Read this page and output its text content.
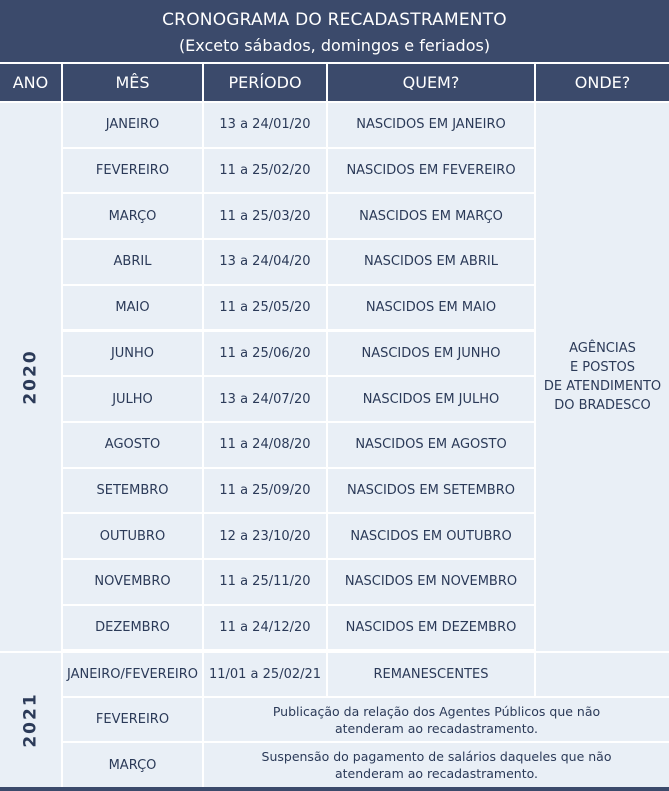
CRONOGRAMA DO RECADASTRAMENTO
(Exceto sábados, domingos e feriados)
ANO	MÊS	PERÍODO	QUEM?	ONDE?
2020
2021
JANEIRO	13 a 24/01/20	NASCIDOS EM JANEIRO
FEVEREIRO	11 a 25/02/20	NASCIDOS EM FEVEREIRO
MARÇO	11 a 25/03/20	NASCIDOS EM MARÇO
ABRIL	13 a 24/04/20	NASCIDOS EM ABRIL
MAIO	11 a 25/05/20	NASCIDOS EM MAIO
JUNHO	11 a 25/06/20	NASCIDOS EM JUNHO
JULHO	13 a 24/07/20	NASCIDOS EM JULHO
AGOSTO	11 a 24/08/20	NASCIDOS EM AGOSTO
SETEMBRO	11 a 25/09/20	NASCIDOS EM SETEMBRO
OUTUBRO	12 a 23/10/20	NASCIDOS EM OUTUBRO
NOVEMBRO	11 a 25/11/20	NASCIDOS EM NOVEMBRO
DEZEMBRO	11 a 24/12/20	NASCIDOS EM DEZEMBRO
AGÊNCIAS
E POSTOS
DE ATENDIMENTO
DO BRADESCO
JANEIRO/FEVEREIRO 11/01 a 25/02/21	REMANESCENTES
FEVEREIRO
Publicação da relação dos Agentes Públicos que não
atenderam ao recadastramento.
MARÇO
Suspensão do pagamento de salários daqueles que não
atenderam ao recadastramento.
